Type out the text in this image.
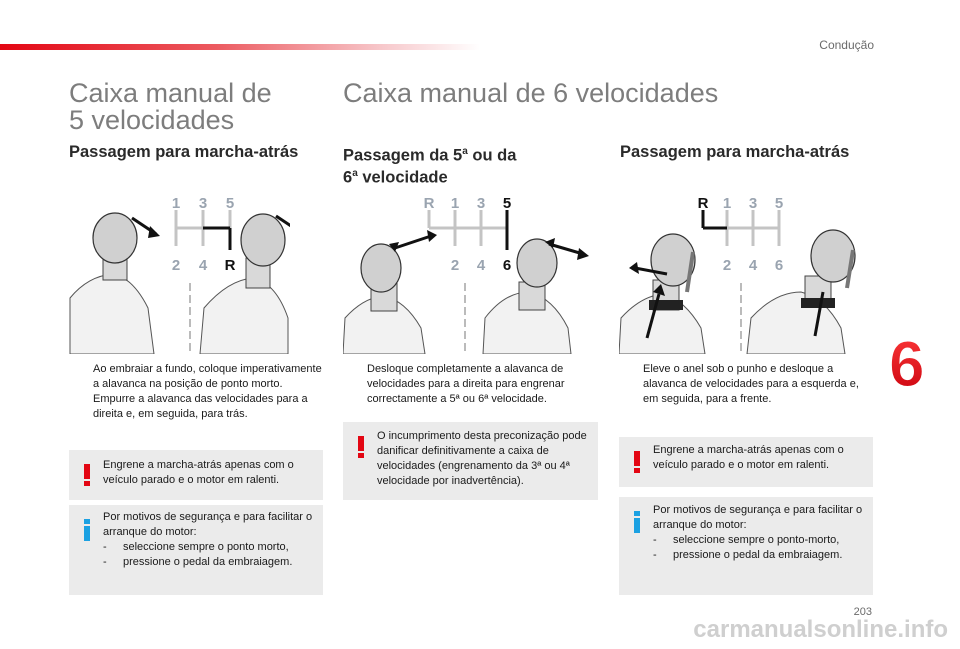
Condução
6
Caixa manual de
5 velocidades
Passagem para marcha-atrás
1 3 5
2 4 R

Ao embraiar a fundo, coloque imperativamente a alavanca na posição de ponto morto.

Empurre a alavanca das velocidades para a direita e, em seguida, para trás.

Engrene a marcha-atrás apenas com o veículo parado e o motor em ralenti.
Por motivos de segurança e para facilitar o arranque do motor:
- seleccione sempre o ponto morto,
- pressione o pedal da embraiagem.
Caixa manual de 6 velocidades
Passagem da 5$^a$ ou da
6$^a$ velocidade
R 1 3 5
2 4 6

Desloque completamente a alavanca de velocidades para a direita para engrenar correctamente a 5ª ou 6ª velocidade.

O incumprimento desta preconização pode danificar definitivamente a caixa de velocidades (engrenamento da 3ª ou 4ª velocidade por inadvertência).
Passagem para marcha-atrás
R 1 3 5
2 4 6

Eleve o anel sob o punho e desloque a alavanca de velocidades para a esquerda e, em seguida, para a frente.

Engrene a marcha-atrás apenas com o veículo parado e o motor em ralenti.
Por motivos de segurança e para facilitar o arranque do motor:
- seleccione sempre o ponto-morto,
- pressione o pedal da embraiagem.
203
carmanualsonline.info
